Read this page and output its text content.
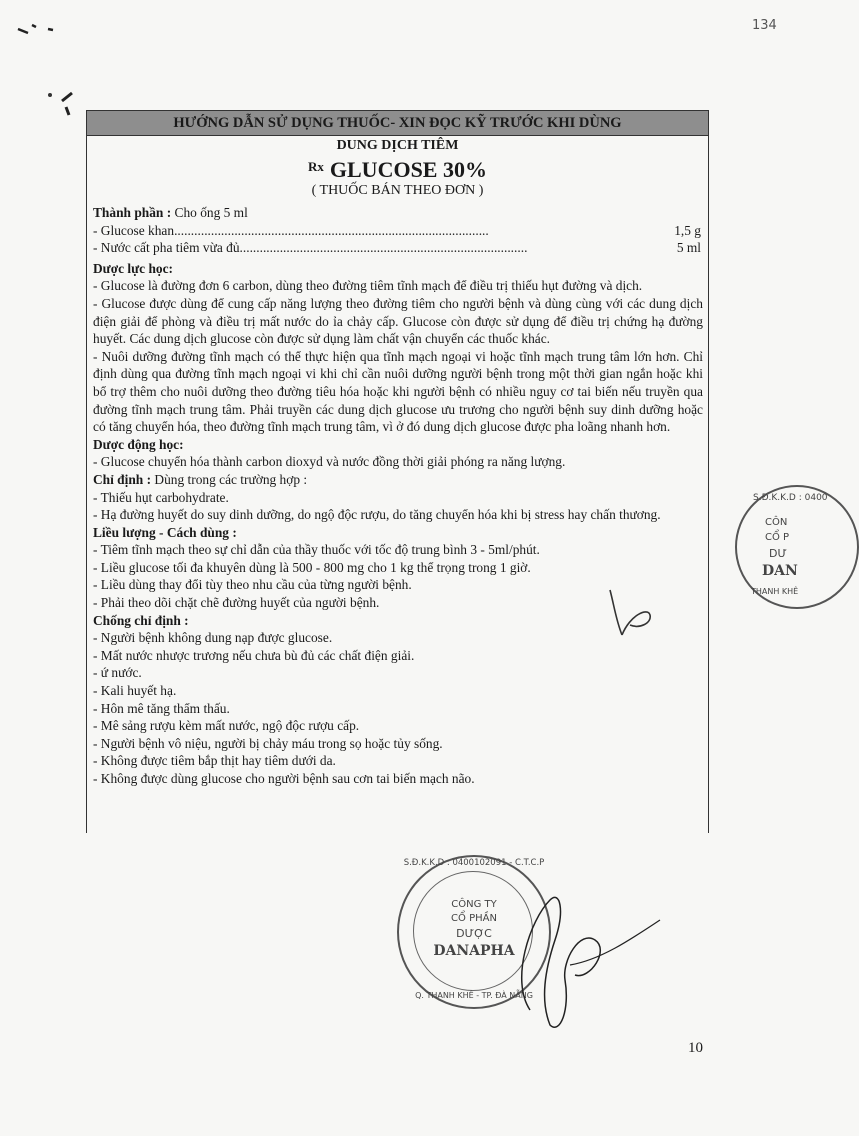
134
HƯỚNG DẪN SỬ DỤNG THUỐC- XIN ĐỌC KỸ TRƯỚC KHI DÙNG
DUNG DỊCH TIÊM
$^{Rx}$ GLUCOSE 30%
( THUỐC BÁN THEO ĐƠN )

Thành phần : Cho ống 5 ml

- Glucose khan..............................................................................................	1,5 g
- Nước cất pha tiêm vừa đủ......................................................................................	5 ml

Dược lực học:

- Glucose là đường đơn 6 carbon, dùng theo đường tiêm tĩnh mạch để điều trị thiếu hụt đường và dịch.

- Glucose được dùng để cung cấp năng lượng theo đường tiêm cho người bệnh và dùng cùng với các dung dịch điện giải để phòng và điều trị mất nước do ỉa chảy cấp. Glucose còn được sử dụng để điều trị chứng hạ đường huyết. Các dung dịch glucose còn được sử dụng làm chất vận chuyển các thuốc khác.

- Nuôi dưỡng đường tĩnh mạch có thể thực hiện qua tĩnh mạch ngoại vi hoặc tĩnh mạch trung tâm lớn hơn. Chỉ định dùng qua đường tĩnh mạch ngoại vi khi chỉ cần nuôi dưỡng người bệnh trong một thời gian ngắn hoặc khi bổ trợ thêm cho nuôi dưỡng theo đường tiêu hóa hoặc khi người bệnh có nhiều nguy cơ tai biến nếu truyền qua đường tĩnh mạch trung tâm. Phải truyền các dung dịch glucose ưu trương cho người bệnh suy dinh dưỡng hoặc có tăng chuyển hóa, theo đường tĩnh mạch trung tâm, vì ở đó dung dịch glucose được pha loãng nhanh hơn.

Dược động học:

- Glucose chuyển hóa thành carbon dioxyd và nước đồng thời giải phóng ra năng lượng.

Chỉ định : Dùng trong các trường hợp :

- Thiếu hụt carbohydrate.

- Hạ đường huyết do suy dinh dưỡng, do ngộ độc rượu, do tăng chuyển hóa khi bị stress hay chấn thương.

Liều lượng - Cách dùng :

- Tiêm tĩnh mạch theo sự chỉ dẫn của thầy thuốc với tốc độ trung bình 3 - 5ml/phút.

- Liều glucose tối đa khuyên dùng là 500 - 800 mg cho 1 kg thể trọng trong 1 giờ.

- Liều dùng thay đổi tùy theo nhu cầu của từng người bệnh.

- Phải theo dõi chặt chẽ đường huyết của người bệnh.

Chống chỉ định :

- Người bệnh không dung nạp được glucose.

- Mất nước nhược trương nếu chưa bù đủ các chất điện giải.

- ứ nước.

- Kali huyết hạ.

- Hôn mê tăng thẩm thấu.

- Mê sảng rượu kèm mất nước, ngộ độc rượu cấp.

- Người bệnh vô niệu, người bị chảy máu trong sọ hoặc tủy sống.

- Không được tiêm bắp thịt hay tiêm dưới da.

- Không được dùng glucose cho người bệnh sau cơn tai biến mạch não.

S.Đ.K.K.D : 0400
CÔN
CỔ P
DƯ
DAN
THANH KHÊ
S.Đ.K.K.D : 0400102091 - C.T.C.P
CÔNG TY
CỔ PHẦN
DƯỢC
DANAPHA
Q. THANH KHÊ - TP. ĐÀ NẴNG
10
